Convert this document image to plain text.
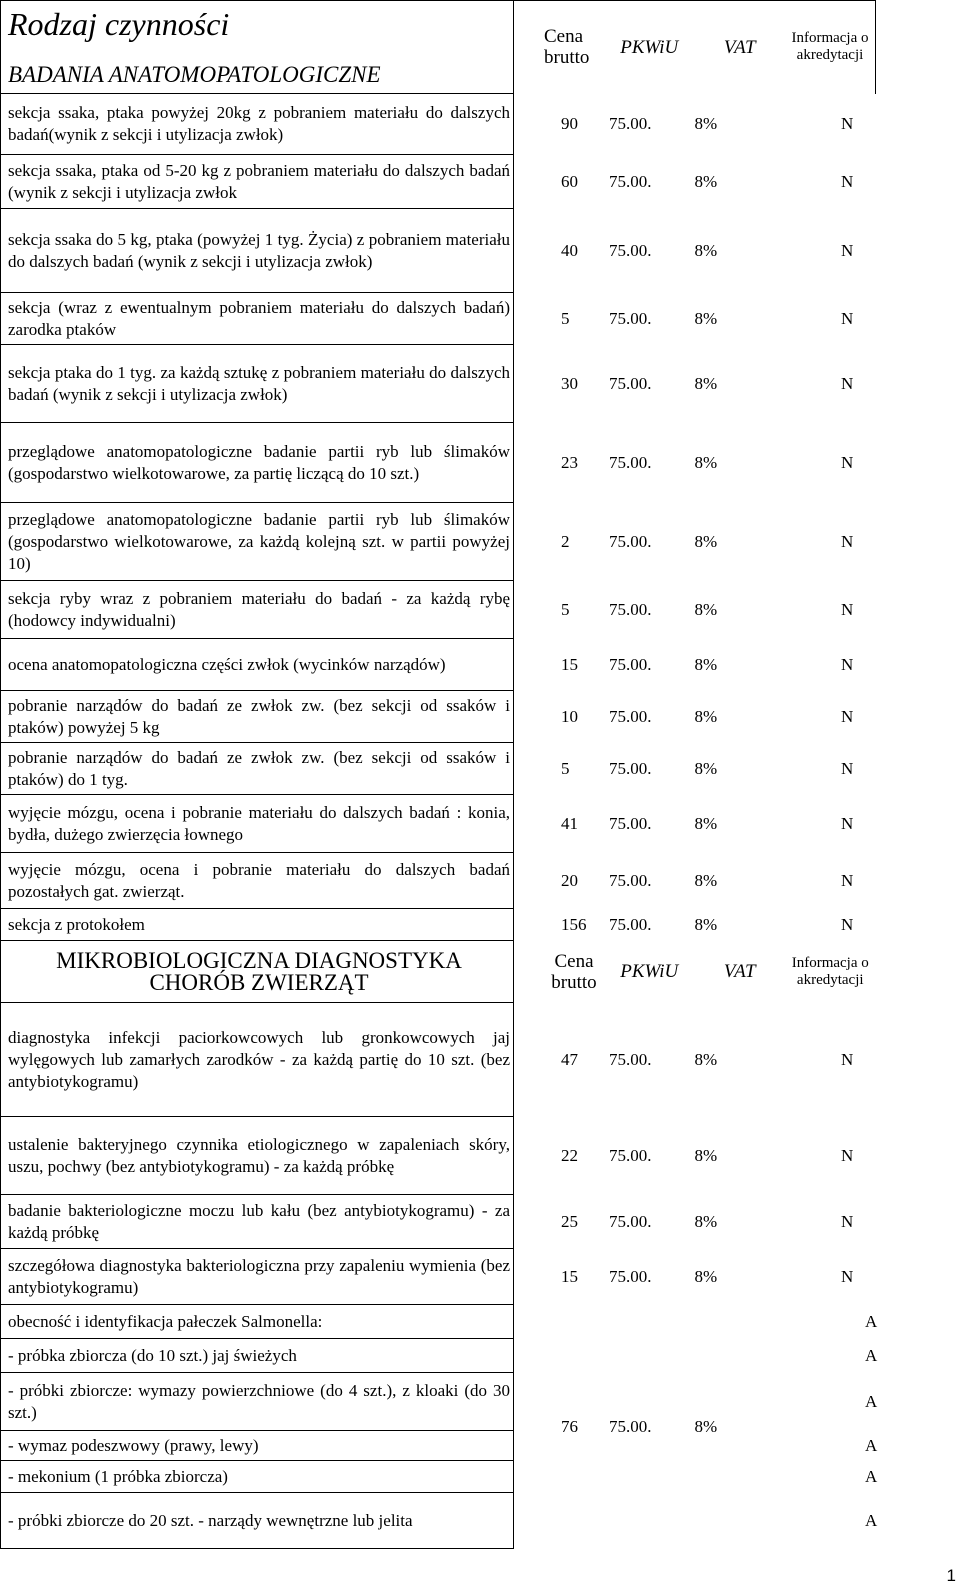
Rodzaj czynności
BADANIA ANATOMOPATOLOGICZNE	Cena brutto	PKWiU	VAT	Informacja o akredytacji
sekcja ssaka, ptaka powyżej 20kg z pobraniem materiału do dalszych badań(wynik z sekcji i utylizacja zwłok)	90 75.00.		8%	N
sekcja ssaka, ptaka od 5-20 kg z pobraniem materiału do dalszych badań (wynik z sekcji i utylizacja zwłok	60 75.00.		8%	N
sekcja ssaka do 5 kg, ptaka (powyżej 1 tyg. Życia) z pobraniem materiału do dalszych badań (wynik z sekcji i utylizacja zwłok)	40 75.00.		8%	N
sekcja (wraz z ewentualnym pobraniem materiału do dalszych badań) zarodka ptaków	5 75.00.		8%	N
sekcja ptaka do 1 tyg. za każdą sztukę z pobraniem materiału do dalszych badań (wynik z sekcji i utylizacja zwłok)	30 75.00.		8%	N
przeglądowe anatomopatologiczne badanie partii ryb lub ślimaków (gospodarstwo wielkotowarowe, za partię liczącą do 10 szt.)	23 75.00.		8%	N
przeglądowe anatomopatologiczne badanie partii ryb lub ślimaków (gospodarstwo wielkotowarowe, za każdą kolejną szt. w partii powyżej 10)	2 75.00.		8%	N
sekcja ryby wraz z pobraniem materiału do badań - za każdą rybę (hodowcy indywidualni)	5 75.00.		8%	N
ocena anatomopatologiczna części zwłok (wycinków narządów)	15 75.00.		8%	N
pobranie narządów do badań ze zwłok zw. (bez sekcji od ssaków i ptaków) powyżej 5 kg	10 75.00.		8%	N
pobranie narządów do badań ze zwłok zw. (bez sekcji od ssaków i ptaków) do 1 tyg.	5 75.00.		8%	N
wyjęcie mózgu, ocena i pobranie materiału do dalszych badań : konia, bydła, dużego zwierzęcia łownego	41 75.00.		8%	N
wyjęcie mózgu, ocena i pobranie materiału do dalszych badań pozostałych gat. zwierząt.	20 75.00.		8%	N
sekcja z protokołem	156 75.00.		8%	N
MIKROBIOLOGICZNA DIAGNOSTYKA CHORÓB ZWIERZĄT	Cena brutto	PKWiU	VAT	Informacja o akredytacji
diagnostyka infekcji paciorkowcowych lub gronkowcowych jaj wylęgowych lub zamarłych zarodków - za każdą partię do 10 szt. (bez antybiotykogramu)	47 75.00.		8%	N
ustalenie bakteryjnego czynnika etiologicznego w zapaleniach skóry, uszu, pochwy (bez antybiotykogramu) - za każdą próbkę	22 75.00.		8%	N
badanie bakteriologiczne moczu lub kału (bez antybiotykogramu) - za każdą próbkę	25 75.00.		8%	N
szczegółowa diagnostyka bakteriologiczna przy zapaleniu wymienia (bez antybiotykogramu)	15 75.00.		8%	N
obecność i identyfikacja pałeczek Salmonella:	76 75.00.		8%	A
- próbka zbiorcza (do 10 szt.) jaj świeżych				A
- próbki zbiorcze: wymazy powierzchniowe (do 4 szt.), z kloaki (do 30 szt.)				A
- wymaz podeszwowy (prawy, lewy)				A
- mekonium (1 próbka zbiorcza)				A
- próbki zbiorcze do 20 szt. - narządy wewnętrzne lub jelita				A
1
